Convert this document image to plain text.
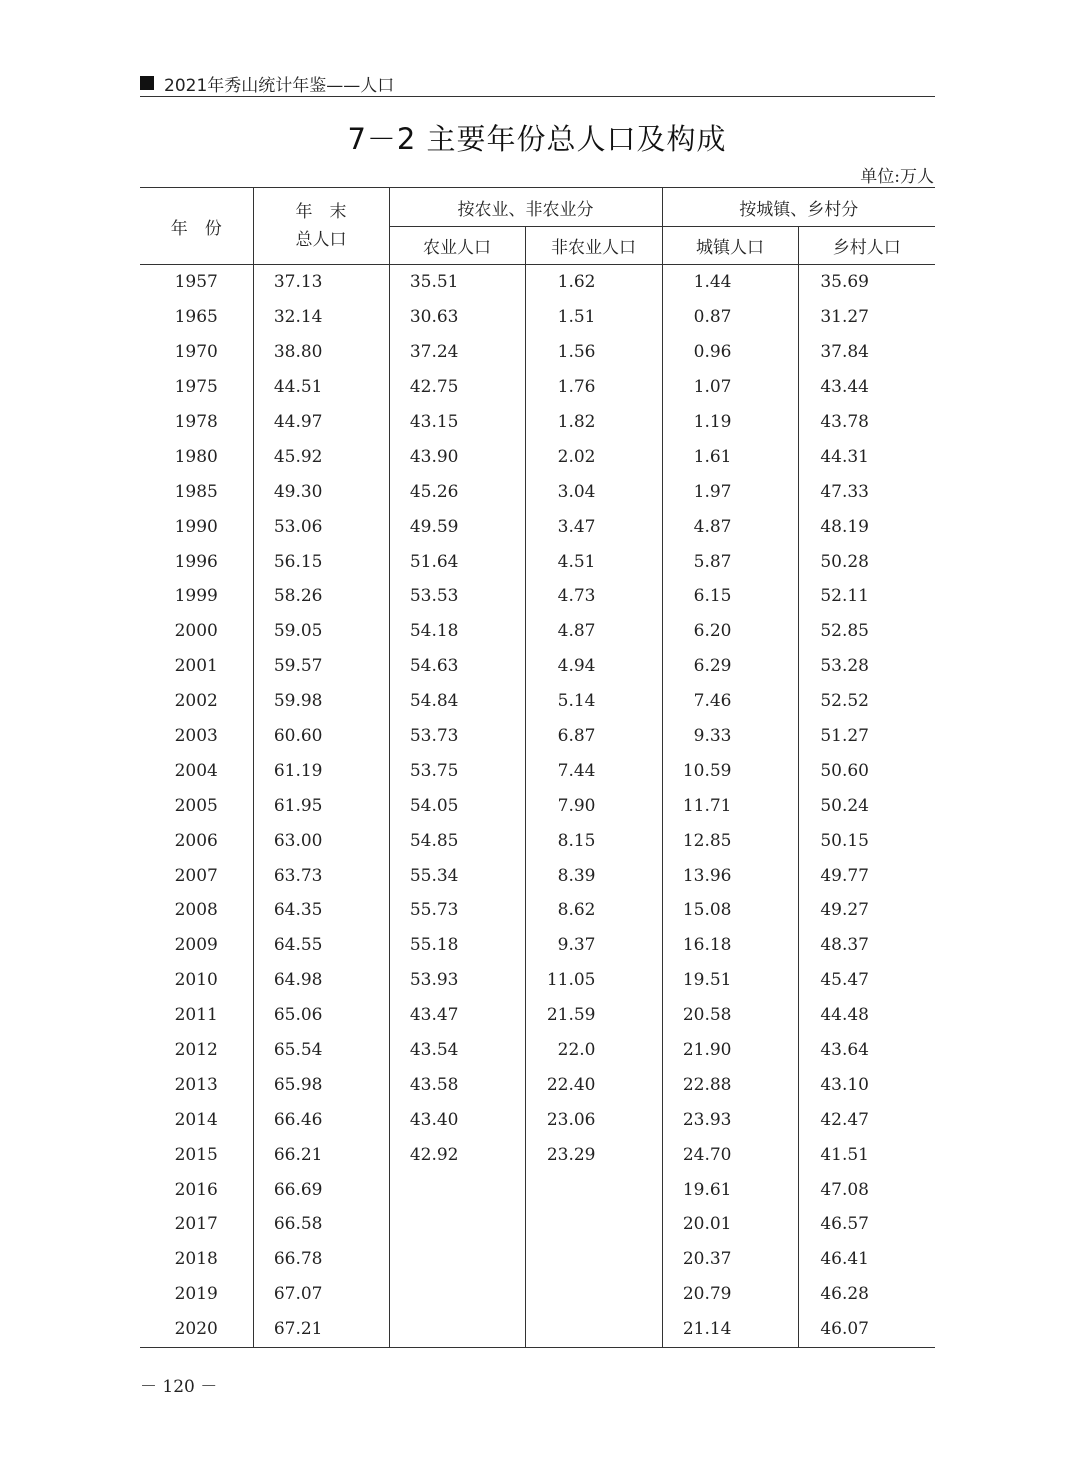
2021年秀山统计年鉴——人口
7－2 主要年份总人口及构成
单位:万人
年　份	年　末
总人口	按农业、非农业分		按城镇、乡村分	
		农业人口	非农业人口	城镇人口	乡村人口
1957	37.13	35.51	1.62	1.44	35.69
1965	32.14	30.63	1.51	0.87	31.27
1970	38.80	37.24	1.56	0.96	37.84
1975	44.51	42.75	1.76	1.07	43.44
1978	44.97	43.15	1.82	1.19	43.78
1980	45.92	43.90	2.02	1.61	44.31
1985	49.30	45.26	3.04	1.97	47.33
1990	53.06	49.59	3.47	4.87	48.19
1996	56.15	51.64	4.51	5.87	50.28
1999	58.26	53.53	4.73	6.15	52.11
2000	59.05	54.18	4.87	6.20	52.85
2001	59.57	54.63	4.94	6.29	53.28
2002	59.98	54.84	5.14	7.46	52.52
2003	60.60	53.73	6.87	9.33	51.27
2004	61.19	53.75	7.44	10.59	50.60
2005	61.95	54.05	7.90	11.71	50.24
2006	63.00	54.85	8.15	12.85	50.15
2007	63.73	55.34	8.39	13.96	49.77
2008	64.35	55.73	8.62	15.08	49.27
2009	64.55	55.18	9.37	16.18	48.37
2010	64.98	53.93	11.05	19.51	45.47
2011	65.06	43.47	21.59	20.58	44.48
2012	65.54	43.54	22.0	21.90	43.64
2013	65.98	43.58	22.40	22.88	43.10
2014	66.46	43.40	23.06	23.93	42.47
2015	66.21	42.92	23.29	24.70	41.51
2016	66.69			19.61	47.08
2017	66.58			20.01	46.57
2018	66.78			20.37	46.41
2019	67.07			20.79	46.28
2020	67.21			21.14	46.07
－ 120 －
